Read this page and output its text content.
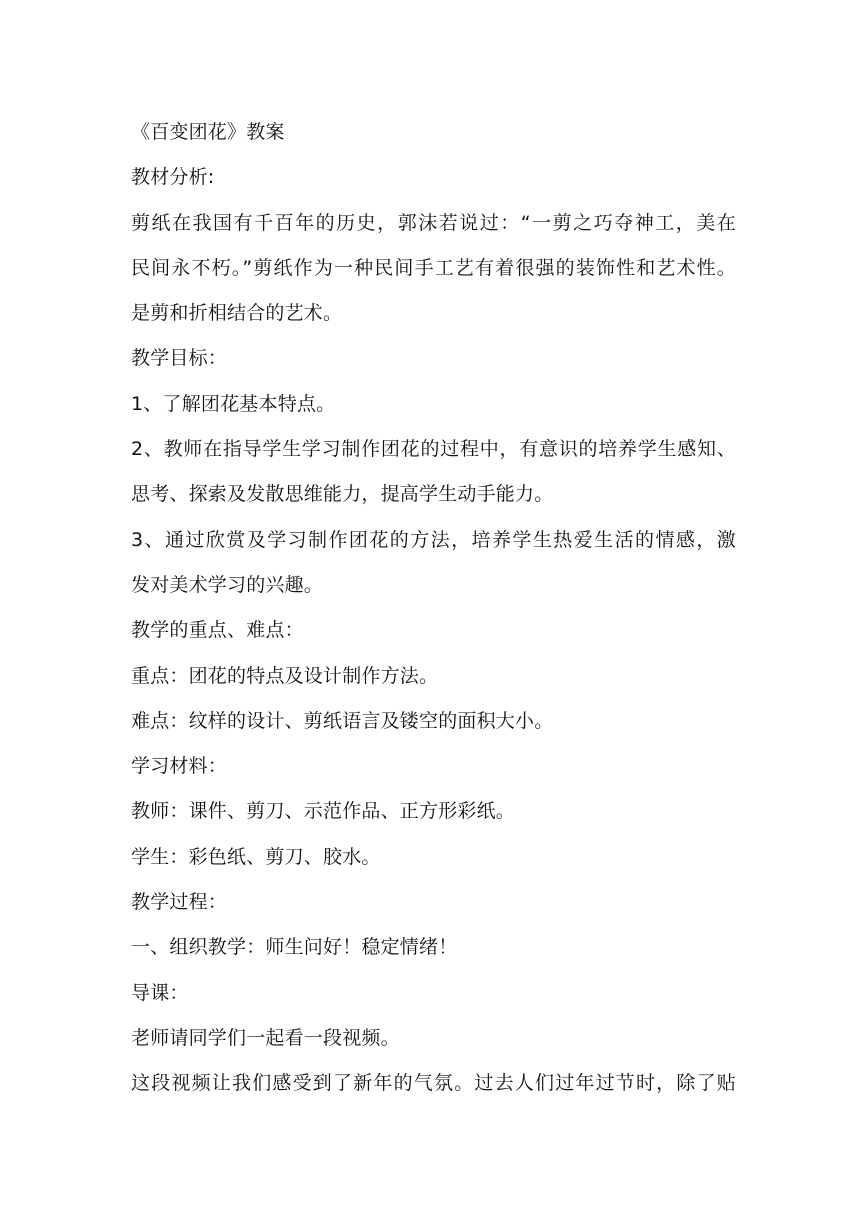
《百变团花》教案
教材分析:
剪纸在我国有千百年的历史，郭沫若说过：“一剪之巧夺神工，美在
民间永不朽。”剪纸作为一种民间手工艺有着很强的装饰性和艺术性。
是剪和折相结合的艺术。
教学目标：
1、了解团花基本特点。
2、教师在指导学生学习制作团花的过程中，有意识的培养学生感知、
思考、探索及发散思维能力，提高学生动手能力。
3、通过欣赏及学习制作团花的方法，培养学生热爱生活的情感，激
发对美术学习的兴趣。
教学的重点、难点：
重点：团花的特点及设计制作方法。
难点：纹样的设计、剪纸语言及镂空的面积大小。
学习材料：
教师：课件、剪刀、示范作品、正方形彩纸。
学生：彩色纸、剪刀、胶水。
教学过程：
一、组织教学：师生问好！稳定情绪！
导课：
老师请同学们一起看一段视频。
这段视频让我们感受到了新年的气氛。过去人们过年过节时，除了贴
